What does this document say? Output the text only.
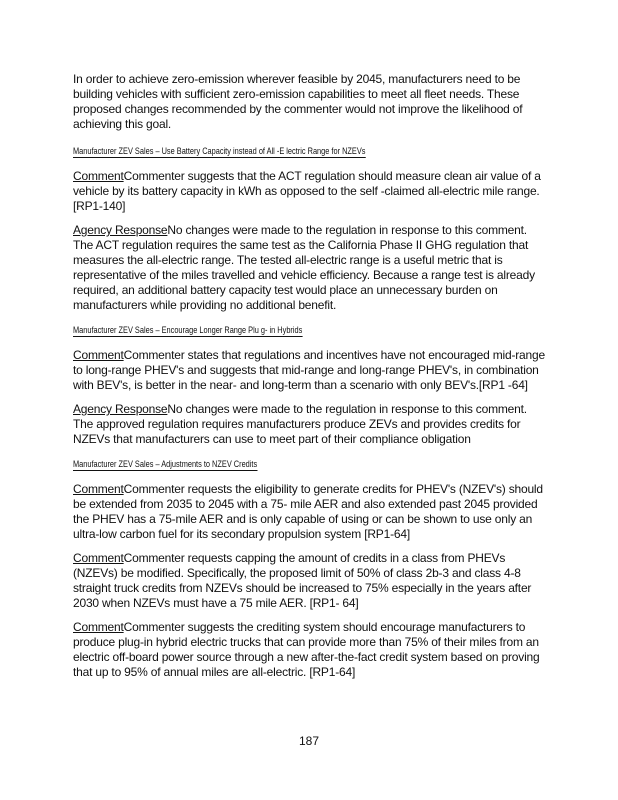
In order to achieve zero-emission wherever feasible by 2045, manufacturers need to be building vehicles with sufficient zero-emission capabilities to meet all fleet needs. These proposed changes recommended by the commenter would not improve the likelihood of achieving this goal.

Manufacturer ZEV Sales – Use Battery Capacity instead of All -E lectric Range for NZEVs

CommentCommenter suggests that the ACT regulation should measure clean air value of a vehicle by its battery capacity in kWh as opposed to the self -claimed all-electric mile range. [RP1-140]

Agency ResponseNo changes were made to the regulation in response to this comment. The ACT regulation requires the same test as the California Phase II GHG regulation that measures the all-electric range. The tested all-electric range is a useful metric that is representative of the miles travelled and vehicle efficiency. Because a range test is already required, an additional battery capacity test would place an unnecessary burden on manufacturers while providing no additional benefit.

Manufacturer ZEV Sales – Encourage Longer Range Plu g- in Hybrids

CommentCommenter states that regulations and incentives have not encouraged mid-range to long-range PHEV's and suggests that mid-range and long-range PHEV's, in combination with BEV's, is better in the near- and long-term than a scenario with only BEV's.[RP1 -64]

Agency ResponseNo changes were made to the regulation in response to this comment. The approved regulation requires manufacturers produce ZEVs and provides credits for NZEVs that manufacturers can use to meet part of their compliance obligation

Manufacturer ZEV Sales – Adjustments to NZEV Credits

CommentCommenter requests the eligibility to generate credits for PHEV's (NZEV's) should be extended from 2035 to 2045 with a 75- mile AER and also extended past 2045 provided the PHEV has a 75-mile AER and is only capable of using or can be shown to use only an ultra-low carbon fuel for its secondary propulsion system [RP1-64]

CommentCommenter requests capping the amount of credits in a class from PHEVs (NZEVs) be modified. Specifically, the proposed limit of 50% of class 2b-3 and class 4-8 straight truck credits from NZEVs should be increased to 75% especially in the years after 2030 when NZEVs must have a 75 mile AER. [RP1- 64]

CommentCommenter suggests the crediting system should encourage manufacturers to produce plug-in hybrid electric trucks that can provide more than 75% of their miles from an electric off-board power source through a new after-the-fact credit system based on proving that up to 95% of annual miles are all-electric. [RP1-64]

187
